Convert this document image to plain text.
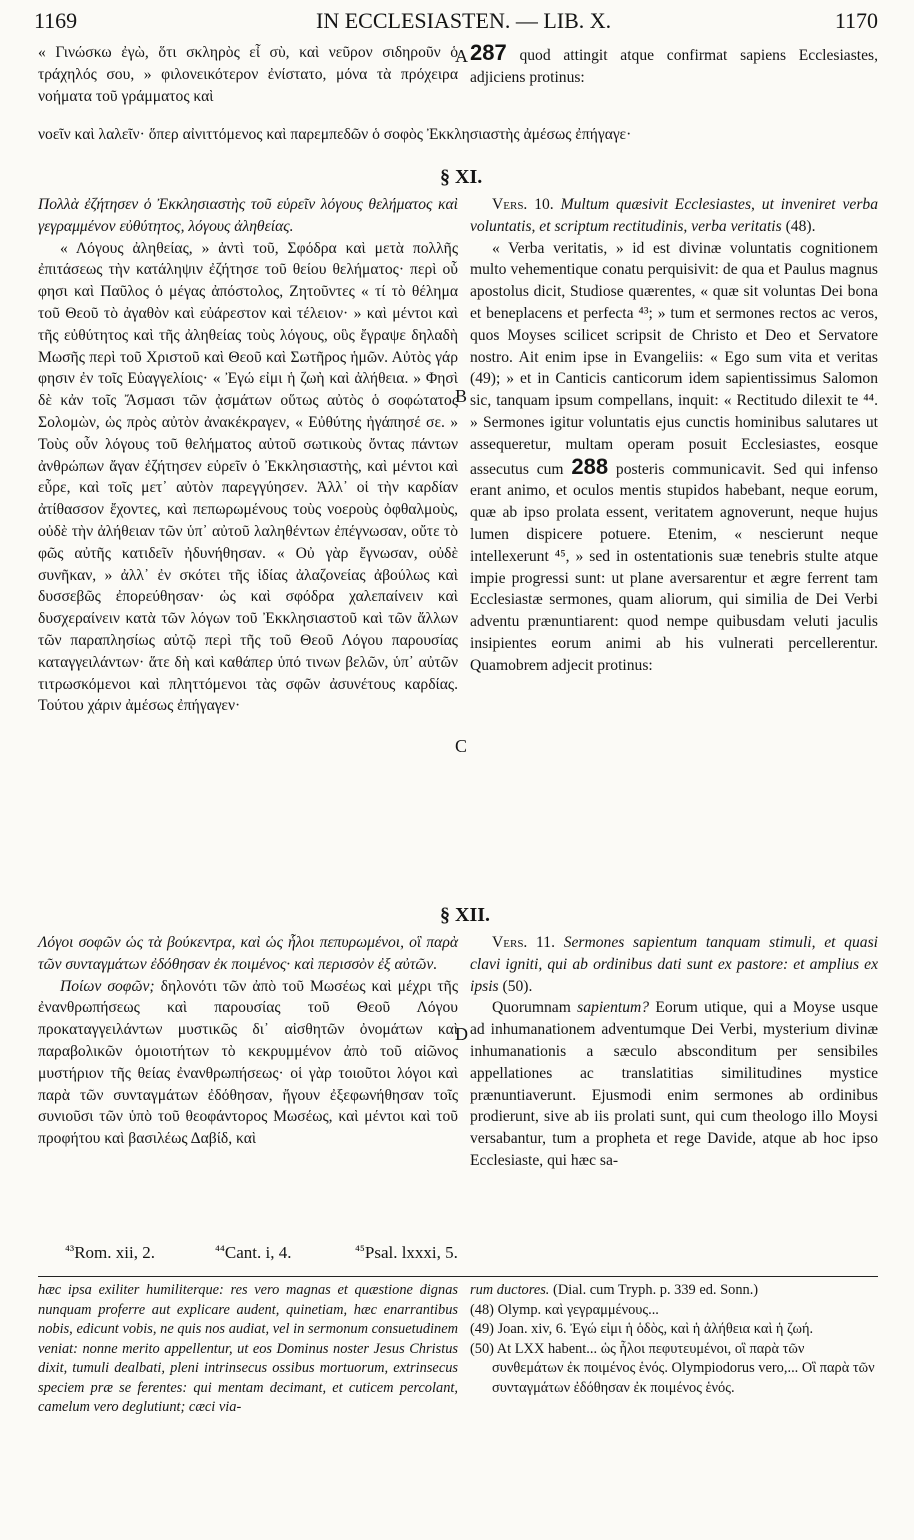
1169	IN ECCLESIASTEN. — LIB. X.	1170

« Γινώσκω ἐγὼ, ὅτι σκληρὸς εἶ σὺ, καὶ νεῦρον σιδηροῦν ὁ τράχηλός σου, » φιλονεικότερον ἐνίστατο, μόνα τὰ πρόχειρα νοήματα τοῦ γράμματος καὶ

A 287 quod attingit atque confirmat sapiens Ecclesiastes, adjiciens protinus:

νοεῖν καὶ λαλεῖν· ὅπερ αἰνιττόμενος καὶ παρεμπεδῶν ὁ σοφὸς Ἐκκλησιαστὴς ἀμέσως ἐπήγαγε·

§ XI.

Πολλὰ ἐζήτησεν ὁ Ἐκκλησιαστὴς τοῦ εὑρεῖν λόγους θελήματος καὶ γεγραμμένον εὐθύτητος, λόγους ἀληθείας.

« Λόγους ἀληθείας, » ἀντὶ τοῦ, Σφόδρα καὶ μετὰ πολλῆς ἐπιτάσεως τὴν κατάληψιν ἐζήτησε τοῦ θείου θελήματος· περὶ οὗ φησι καὶ Παῦλος ὁ μέγας ἀπόστολος, Ζητοῦντες « τί τὸ θέλημα τοῦ Θεοῦ τὸ ἀγαθὸν καὶ εὐάρεστον καὶ τέλειον· » καὶ μέντοι καὶ τῆς εὐθύτητος καὶ τῆς ἀληθείας τοὺς λόγους, οὓς ἔγραψε δηλαδὴ Μωσῆς περὶ τοῦ Χριστοῦ καὶ Θεοῦ καὶ Σωτῆρος ἡμῶν. Αὐτὸς γάρ φησιν ἐν τοῖς Εὐαγγελίοις· « Ἐγώ εἰμι ἡ ζωὴ καὶ ἀλήθεια. » Φησὶ δὲ κἀν τοῖς Ἄσμασι τῶν ᾀσμάτων οὕτως αὐτὸς ὁ σοφώτατος Σολομὼν, ὡς πρὸς αὐτὸν ἀνακέκραγεν, « Εὐθύτης ἠγάπησέ σε. » Τοὺς οὖν λόγους τοῦ θελήματος αὐτοῦ σωτικοὺς ὄντας πάντων ἀνθρώπων ἄγαν ἐζήτησεν εὑρεῖν ὁ Ἐκκλησιαστὴς, καὶ μέντοι καὶ εὗρε, καὶ τοῖς μετ᾽ αὐτὸν παρεγγύησεν. Ἀλλ᾽ οἱ τὴν καρδίαν ἀτίθασσον ἔχοντες, καὶ πεπωρωμένους τοὺς νοεροὺς ὀφθαλμοὺς, οὐδὲ τὴν ἀλήθειαν τῶν ὑπ᾽ αὐτοῦ λαληθέντων ἐπέγνωσαν, οὔτε τὸ φῶς αὐτῆς κατιδεῖν ἠδυνήθησαν. « Οὐ γὰρ ἔγνωσαν, οὐδὲ συνῆκαν, » ἀλλ᾽ ἐν σκότει τῆς ἰδίας ἀλαζονείας ἀβούλως καὶ δυσσεβῶς ἐπορεύθησαν· ὡς καὶ σφόδρα χαλεπαίνειν καὶ δυσχεραίνειν κατὰ τῶν λόγων τοῦ Ἐκκλησιαστοῦ καὶ τῶν ἄλλων τῶν παραπλησίως αὐτῷ περὶ τῆς τοῦ Θεοῦ Λόγου παρουσίας καταγγειλάντων· ἅτε δὴ καὶ καθάπερ ὑπό τινων βελῶν, ὑπ᾽ αὐτῶν τιτρωσκόμενοι καὶ πληττόμενοι τὰς σφῶν ἀσυνέτους καρδίας. Τούτου χάριν ἀμέσως ἐπήγαγεν·

B
C

Vers. 10. Multum quæsivit Ecclesiastes, ut inveniret verba voluntatis, et scriptum rectitudinis, verba veritatis (48).

« Verba veritatis, » id est divinæ voluntatis cognitionem multo vehementique conatu perquisivit: de qua et Paulus magnus apostolus dicit, Studiose quærentes, « quæ sit voluntas Dei bona et beneplacens et perfecta ⁴³; » tum et sermones rectos ac veros, quos Moyses scilicet scripsit de Christo et Deo et Servatore nostro. Ait enim ipse in Evangeliis: « Ego sum vita et veritas (49); » et in Canticis canticorum idem sapientissimus Salomon sic, tanquam ipsum compellans, inquit: « Rectitudo dilexit te ⁴⁴. » Sermones igitur voluntatis ejus cunctis hominibus salutares ut assequeretur, multam operam posuit Ecclesiastes, eosque assecutus cum 288 posteris communicavit. Sed qui infenso erant animo, et oculos mentis stupidos habebant, neque eorum, quæ ab ipso prolata essent, veritatem agnoverunt, neque hujus lumen dispicere potuere. Etenim, « nescierunt neque intellexerunt ⁴⁵, » sed in ostentationis suæ tenebris stulte atque impie progressi sunt: ut plane aversarentur et ægre ferrent tam Ecclesiastæ sermones, quam aliorum, qui similia de Dei Verbi adventu prænuntiarent: quod nempe quibusdam veluti jaculis insipientes eorum animi ab his vulnerati percellerentur. Quamobrem adjecit protinus:

§ XII.

Λόγοι σοφῶν ὡς τὰ βούκεντρα, καὶ ὡς ἧλοι πεπυρωμένοι, οἳ παρὰ τῶν συνταγμάτων ἐδόθησαν ἐκ ποιμένος· καὶ περισσὸν ἐξ αὐτῶν.

Ποίων σοφῶν; δηλονότι τῶν ἀπὸ τοῦ Μωσέως καὶ μέχρι τῆς ἐνανθρωπήσεως καὶ παρουσίας τοῦ Θεοῦ Λόγου προκαταγγειλάντων μυστικῶς δι᾽ αἰσθητῶν ὀνομάτων καὶ παραβολικῶν ὁμοιοτήτων τὸ κεκρυμμένον ἀπὸ τοῦ αἰῶνος μυστήριον τῆς θείας ἐνανθρωπήσεως· οἱ γὰρ τοιοῦτοι λόγοι καὶ παρὰ τῶν συνταγμάτων ἐδόθησαν, ἤγουν ἐξεφωνήθησαν τοῖς συνιοῦσι τῶν ὑπὸ τοῦ θεοφάντορος Μωσέως, καὶ μέντοι καὶ τοῦ προφήτου καὶ βασιλέως Δαβίδ, καὶ

D

Vers. 11. Sermones sapientum tanquam stimuli, et quasi clavi igniti, qui ab ordinibus dati sunt ex pastore: et amplius ex ipsis (50).

Quorumnam sapientum? Eorum utique, qui a Moyse usque ad inhumanationem adventumque Dei Verbi, mysterium divinæ inhumanationis a sæculo absconditum per sensibiles appellationes ac translatitias similitudines mystice prænuntiaverunt. Ejusmodi enim sermones ab ordinibus prodierunt, sive ab iis prolati sunt, qui cum theologo illo Moysi versabantur, tum a propheta et rege Davide, atque ab hoc ipso Ecclesiaste, qui hæc sa-

$^{^{43}}$ Rom. xii, 2.	$^{^{44}}$ Cant. i, 4.	$^{^{45}}$ Psal. lxxxi, 5.
hæc ipsa exiliter humiliterque: res vero magnas et quæstione dignas nunquam proferre aut explicare audent, quinetiam, hæc enarrantibus nobis, edicunt vobis, ne quis nos audiat, vel in sermonum consuetudinem veniat: nonne merito appellentur, ut eos Dominus noster Jesus Christus dixit, tumuli dealbati, pleni intrinsecus ossibus mortuorum, extrinsecus speciem præ se ferentes: qui mentam decimant, et cuticem percolant, camelum vero deglutiunt; cæci via-

rum ductores. (Dial. cum Tryph. p. 339 ed. Sonn.)

(48) Olymp. καὶ γεγραμμένους...

(49) Joan. xiv, 6. Ἐγώ εἰμι ἡ ὁδὸς, καὶ ἡ ἀλήθεια καὶ ἡ ζωή.

(50) At LXX habent... ὡς ἧλοι πεφυτευμένοι, οἳ παρὰ τῶν συνθεμάτων ἐκ ποιμένος ἑνός. Olympiodorus vero,... Οἳ παρὰ τῶν συνταγμάτων ἐδόθησαν ἐκ ποιμένος ἑνός.
